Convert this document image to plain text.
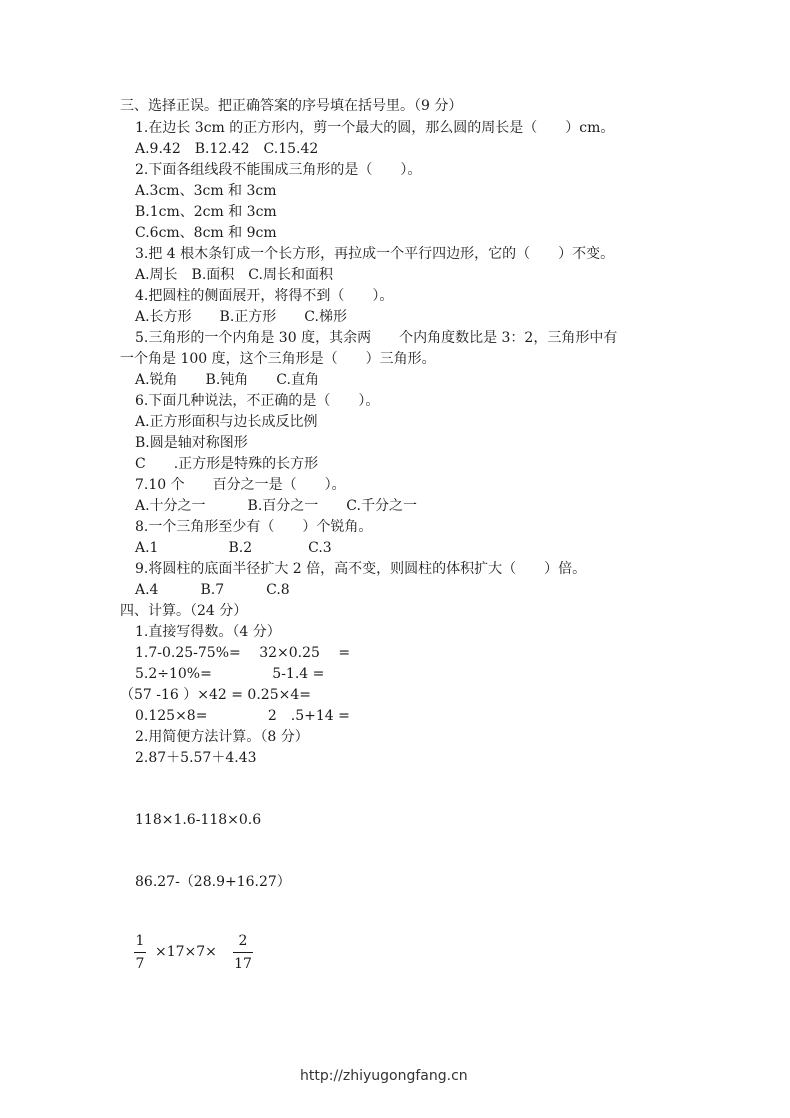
三、选择正误。把正确答案的序号填在括号里。（9 分）
1.在边长 3cm 的正方形内，剪一个最大的圆，那么圆的周长是（　　）cm。
A.9.42　B.12.42　C.15.42
2.下面各组线段不能围成三角形的是（　　）。
A.3cm、3cm 和 3cm
B.1cm、2cm 和 3cm
C.6cm、8cm 和 9cm
3.把 4 根木条钉成一个长方形，再拉成一个平行四边形，它的（　　）不变。
A.周长　B.面积　C.周长和面积
4.把圆柱的侧面展开，将得不到（　　）。
A.长方形　　B.正方形　　C.梯形
5.三角形的一个内角是 30 度，其余两　　个内角度数比是 3：2，三角形中有
一个角是 100 度，这个三角形是（　　）三角形。
A.锐角　　B.钝角　　C.直角
6.下面几种说法，不正确的是（　　）。
A.正方形面积与边长成反比例
B.圆是轴对称图形
C　　.正方形是特殊的长方形
7.10 个　　百分之一是（　　）。
A.十分之一　　　B.百分之一　　C.千分之一
8.一个三角形至少有（　　）个锐角。
A.1　　　　　B.2　　　　C.3
9.将圆柱的底面半径扩大 2 倍，高不变，则圆柱的体积扩大（　　）倍。
A.4　　　B.7　　　C.8
四、计算。（24 分）
1.直接写得数。（4 分）
1.7-0.25-75%=　 32×0.25　 =
5.2÷10%=　　　　 5-1.4 =
（57 -16 ）×42 = 0.25×4=
0.125×8=　　　　 2　.5+14 =
2.用简便方法计算。（8 分）
2.87＋5.57＋4.43
118×1.6-118×0.6
86.27-（28.9+16.27）
1
7
×17×7×
2
17
http://zhiyugongfang.cn
